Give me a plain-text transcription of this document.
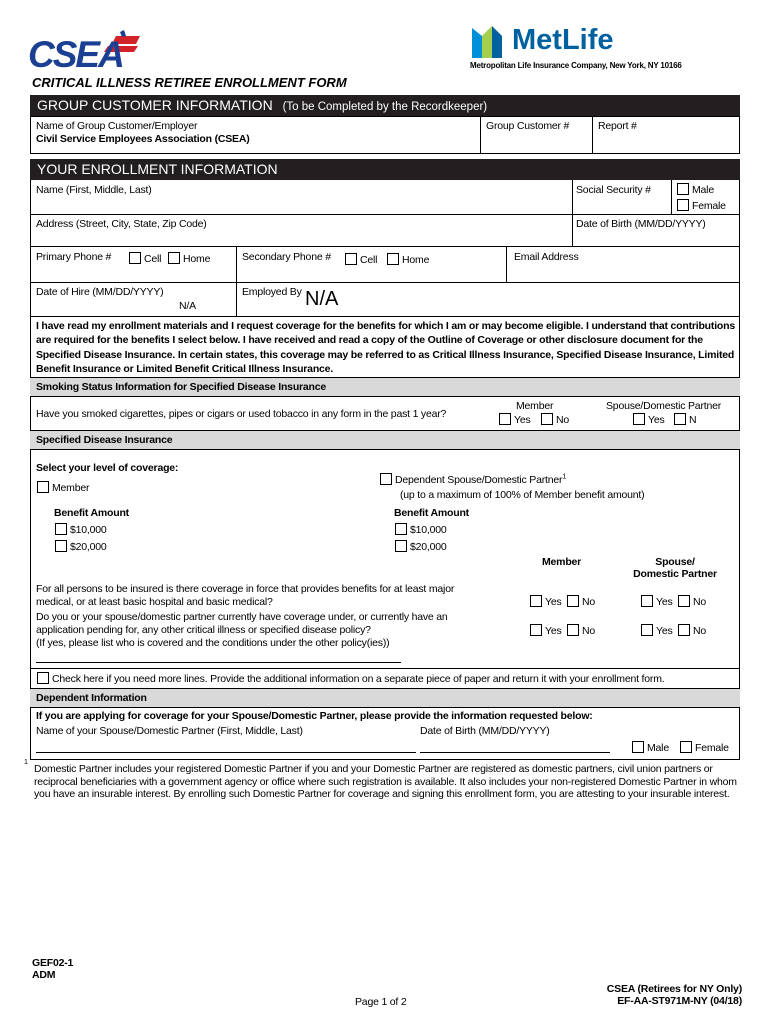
CSEA	MetLife
Metropolitan Life Insurance Company, New York, NY 10166
CRITICAL ILLNESS RETIREE ENROLLMENT FORM
GROUP CUSTOMER INFORMATION (To be Completed by the Recordkeeper)
Name of Group Customer/Employer
Civil Service Employees Association (CSEA)
Group Customer #	Report #
YOUR ENROLLMENT INFORMATION
Name (First, Middle, Last)	Social Security #	Male
Female
Address (Street, City, State, Zip Code)	Date of Birth (MM/DD/YYYY)
Primary Phone #	Cell	Home	Secondary Phone #	Cell	Home	Email Address
Date of Hire (MM/DD/YYYY)
N/A
Employed By N/A
I have read my enrollment materials and I request coverage for the benefits for which I am or may become eligible. I understand that contributions are required for the benefits I select below. I have received and read a copy of the Outline of Coverage or other disclosure document for the Specified Disease Insurance. In certain states, this coverage may be referred to as Critical Illness Insurance, Specified Disease Insurance, Limited Benefit Insurance or Limited Benefit Critical Illness Insurance.
Smoking Status Information for Specified Disease Insurance
Have you smoked cigarettes, pipes or cigars or used tobacco in any form in the past 1 year?
Member
Yes	No
Spouse/Domestic Partner
Yes	N
Specified Disease Insurance
Select your level of coverage:
Member
Dependent Spouse/Domestic Partner$^1$
(up to a maximum of 100% of Member benefit amount)
Benefit Amount
$10,000
$20,000
Benefit Amount
$10,000
$20,000
Member	Spouse/
Domestic Partner
For all persons to be insured is there coverage in force that provides benefits for at least major medical, or at least basic hospital and basic medical?	Yes	No	Yes	No
Do you or your spouse/domestic partner currently have coverage under, or currently have an application pending for, any other critical illness or specified disease policy?
(If yes, please list who is covered and the conditions under the other policy(ies))
Yes	No	Yes	No
Check here if you need more lines. Provide the additional information on a separate piece of paper and return it with your enrollment form.
Dependent Information
If you are applying for coverage for your Spouse/Domestic Partner, please provide the information requested below:
Name of your Spouse/Domestic Partner (First, Middle, Last)	Date of Birth (MM/DD/YYYY)
Male	Female
1
Domestic Partner includes your registered Domestic Partner if you and your Domestic Partner are registered as domestic partners, civil union partners or reciprocal beneficiaries with a government agency or office where such registration is available. It also includes your non-registered Domestic Partner in whom you have an insurable interest. By enrolling such Domestic Partner for coverage and signing this enrollment form, you are attesting to your insurable interest.
GEF02-1
ADM
Page 1 of 2
CSEA (Retirees for NY Only)
EF-AA-ST971M-NY (04/18)
